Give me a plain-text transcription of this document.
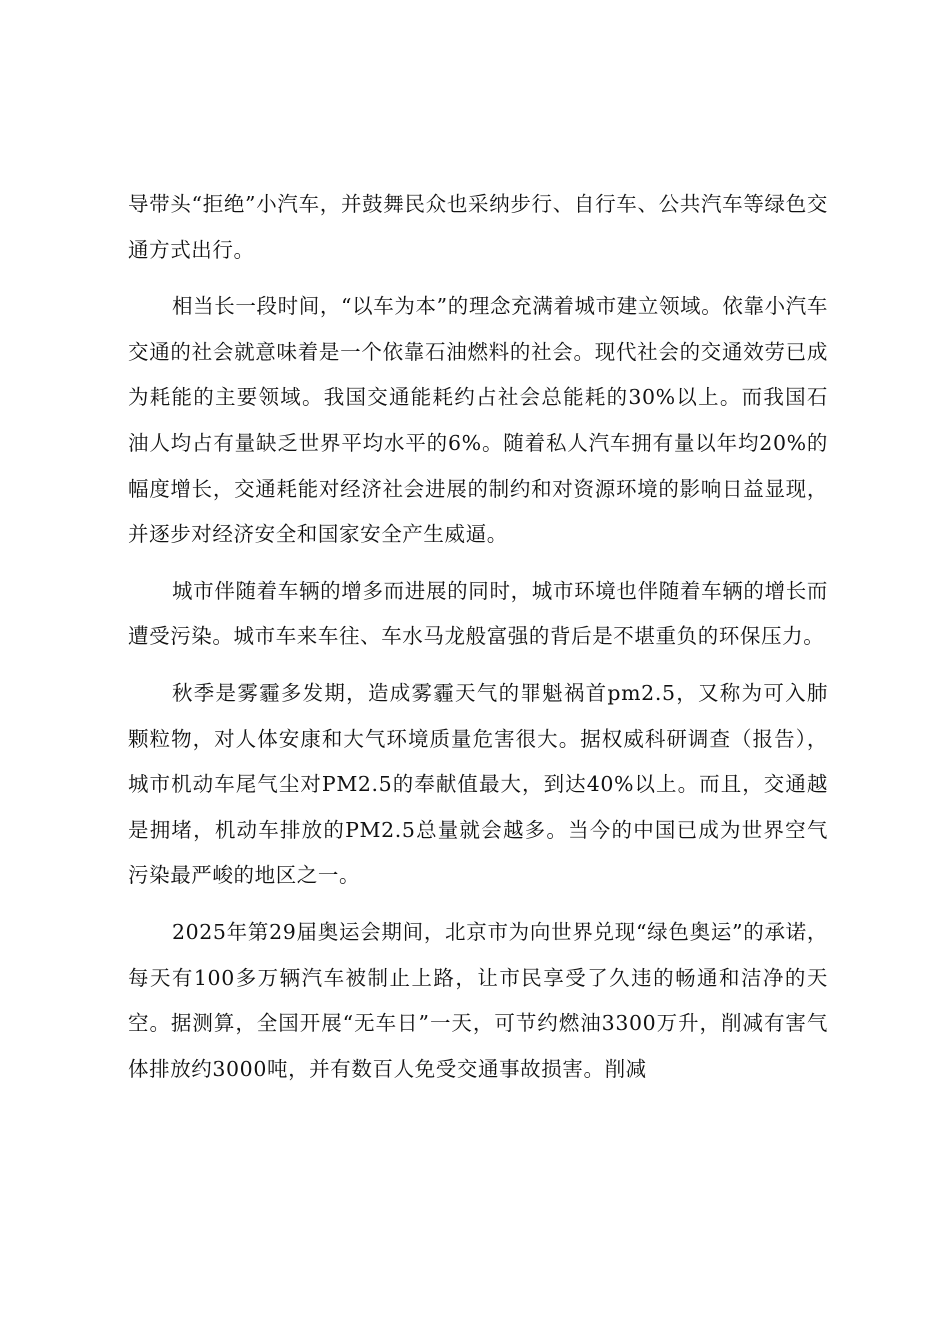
导带头“拒绝”小汽车，并鼓舞民众也采纳步行、自行车、公共汽车等绿色交通方式出行。

相当长一段时间，“以车为本”的理念充满着城市建立领域。依靠小汽车交通的社会就意味着是一个依靠石油燃料的社会。现代社会的交通效劳已成为耗能的主要领域。我国交通能耗约占社会总能耗的30%以上。而我国石油人均占有量缺乏世界平均水平的6%。随着私人汽车拥有量以年均20%的幅度增长，交通耗能对经济社会进展的制约和对资源环境的影响日益显现，并逐步对经济安全和国家安全产生威逼。

城市伴随着车辆的增多而进展的同时，城市环境也伴随着车辆的增长而遭受污染。城市车来车往、车水马龙般富强的背后是不堪重负的环保压力。

秋季是雾霾多发期，造成雾霾天气的罪魁祸首pm2.5，又称为可入肺颗粒物，对人体安康和大气环境质量危害很大。据权威科研调查（报告），城市机动车尾气尘对PM2.5的奉献值最大，到达40%以上。而且，交通越是拥堵，机动车排放的PM2.5总量就会越多。当今的中国已成为世界空气污染最严峻的地区之一。

2025年第29届奥运会期间，北京市为向世界兑现“绿色奥运”的承诺，每天有100多万辆汽车被制止上路，让市民享受了久违的畅通和洁净的天空。据测算，全国开展“无车日”一天，可节约燃油3300万升，削减有害气体排放约3000吨，并有数百人免受交通事故损害。削减
